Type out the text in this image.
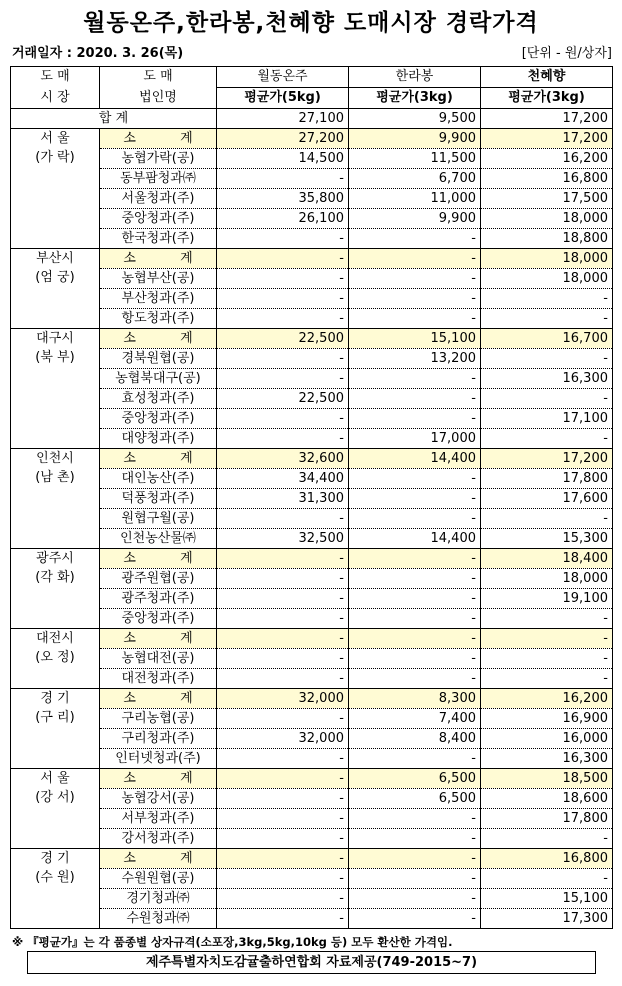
월동온주,한라봉,천혜향 도매시장 경락가격
거래일자 : 2020. 3. 26(목)	[단위 - 원/상자]
도 매	도 매	월동온주	한라봉	천혜향
시 장	법인명	평균가(5kg)	평균가(3kg)	평균가(3kg)
합 계		27,100	9,500	17,200

서 울
(가 락)	소 계	27,200	9,900	17,200
	농협가락(공)	14,500	11,500	16,200
	동부팜청과㈜	-	6,700	16,800
	서울청과(주)	35,800	11,000	17,500
	중앙청과(주)	26,100	9,900	18,000
	한국청과(주)	-	-	18,800

부산시
(엄 궁)	소 계	-	-	18,000
	농협부산(공)	-	-	18,000
	부산청과(주)	-	-	-
	항도청과(주)	-	-	-

대구시
(북 부)	소 계	22,500	15,100	16,700
	경북원협(공)	-	13,200	-
	농협북대구(공)	-	-	16,300
	효성청과(주)	22,500	-	-
	중앙청과(주)	-	-	17,100
	대양청과(주)	-	17,000	-

인천시
(남 촌)	소 계	32,600	14,400	17,200
	대인농산(주)	34,400	-	17,800
	덕풍청과(주)	31,300	-	17,600
	원협구월(공)	-	-	-
	인천농산물㈜	32,500	14,400	15,300

광주시
(각 화)	소 계	-	-	18,400
	광주원협(공)	-	-	18,000
	광주청과(주)	-	-	19,100
	중앙청과(주)	-	-	-

대전시
(오 정)	소 계	-	-	-
	농협대전(공)	-	-	-
	대전청과(주)	-	-	-

경 기
(구 리)	소 계	32,000	8,300	16,200
	구리농협(공)	-	7,400	16,900
	구리청과(주)	32,000	8,400	16,000
	인터넷청과(주)	-	-	16,300

서 울
(강 서)	소 계	-	6,500	18,500
	농협강서(공)	-	6,500	18,600
	서부청과(주)	-	-	17,800
	강서청과(주)	-	-	-

경 기
(수 원)	소 계	-	-	16,800
	수원원협(공)	-	-	-
	경기청과㈜	-	-	15,100
	수원청과㈜	-	-	17,300
※ 『평균가』는 각 품종별 상자규격(소포장,3kg,5kg,10kg 등) 모두 환산한 가격임.
제주특별자치도감귤출하연합회 자료제공(749-2015~7)
